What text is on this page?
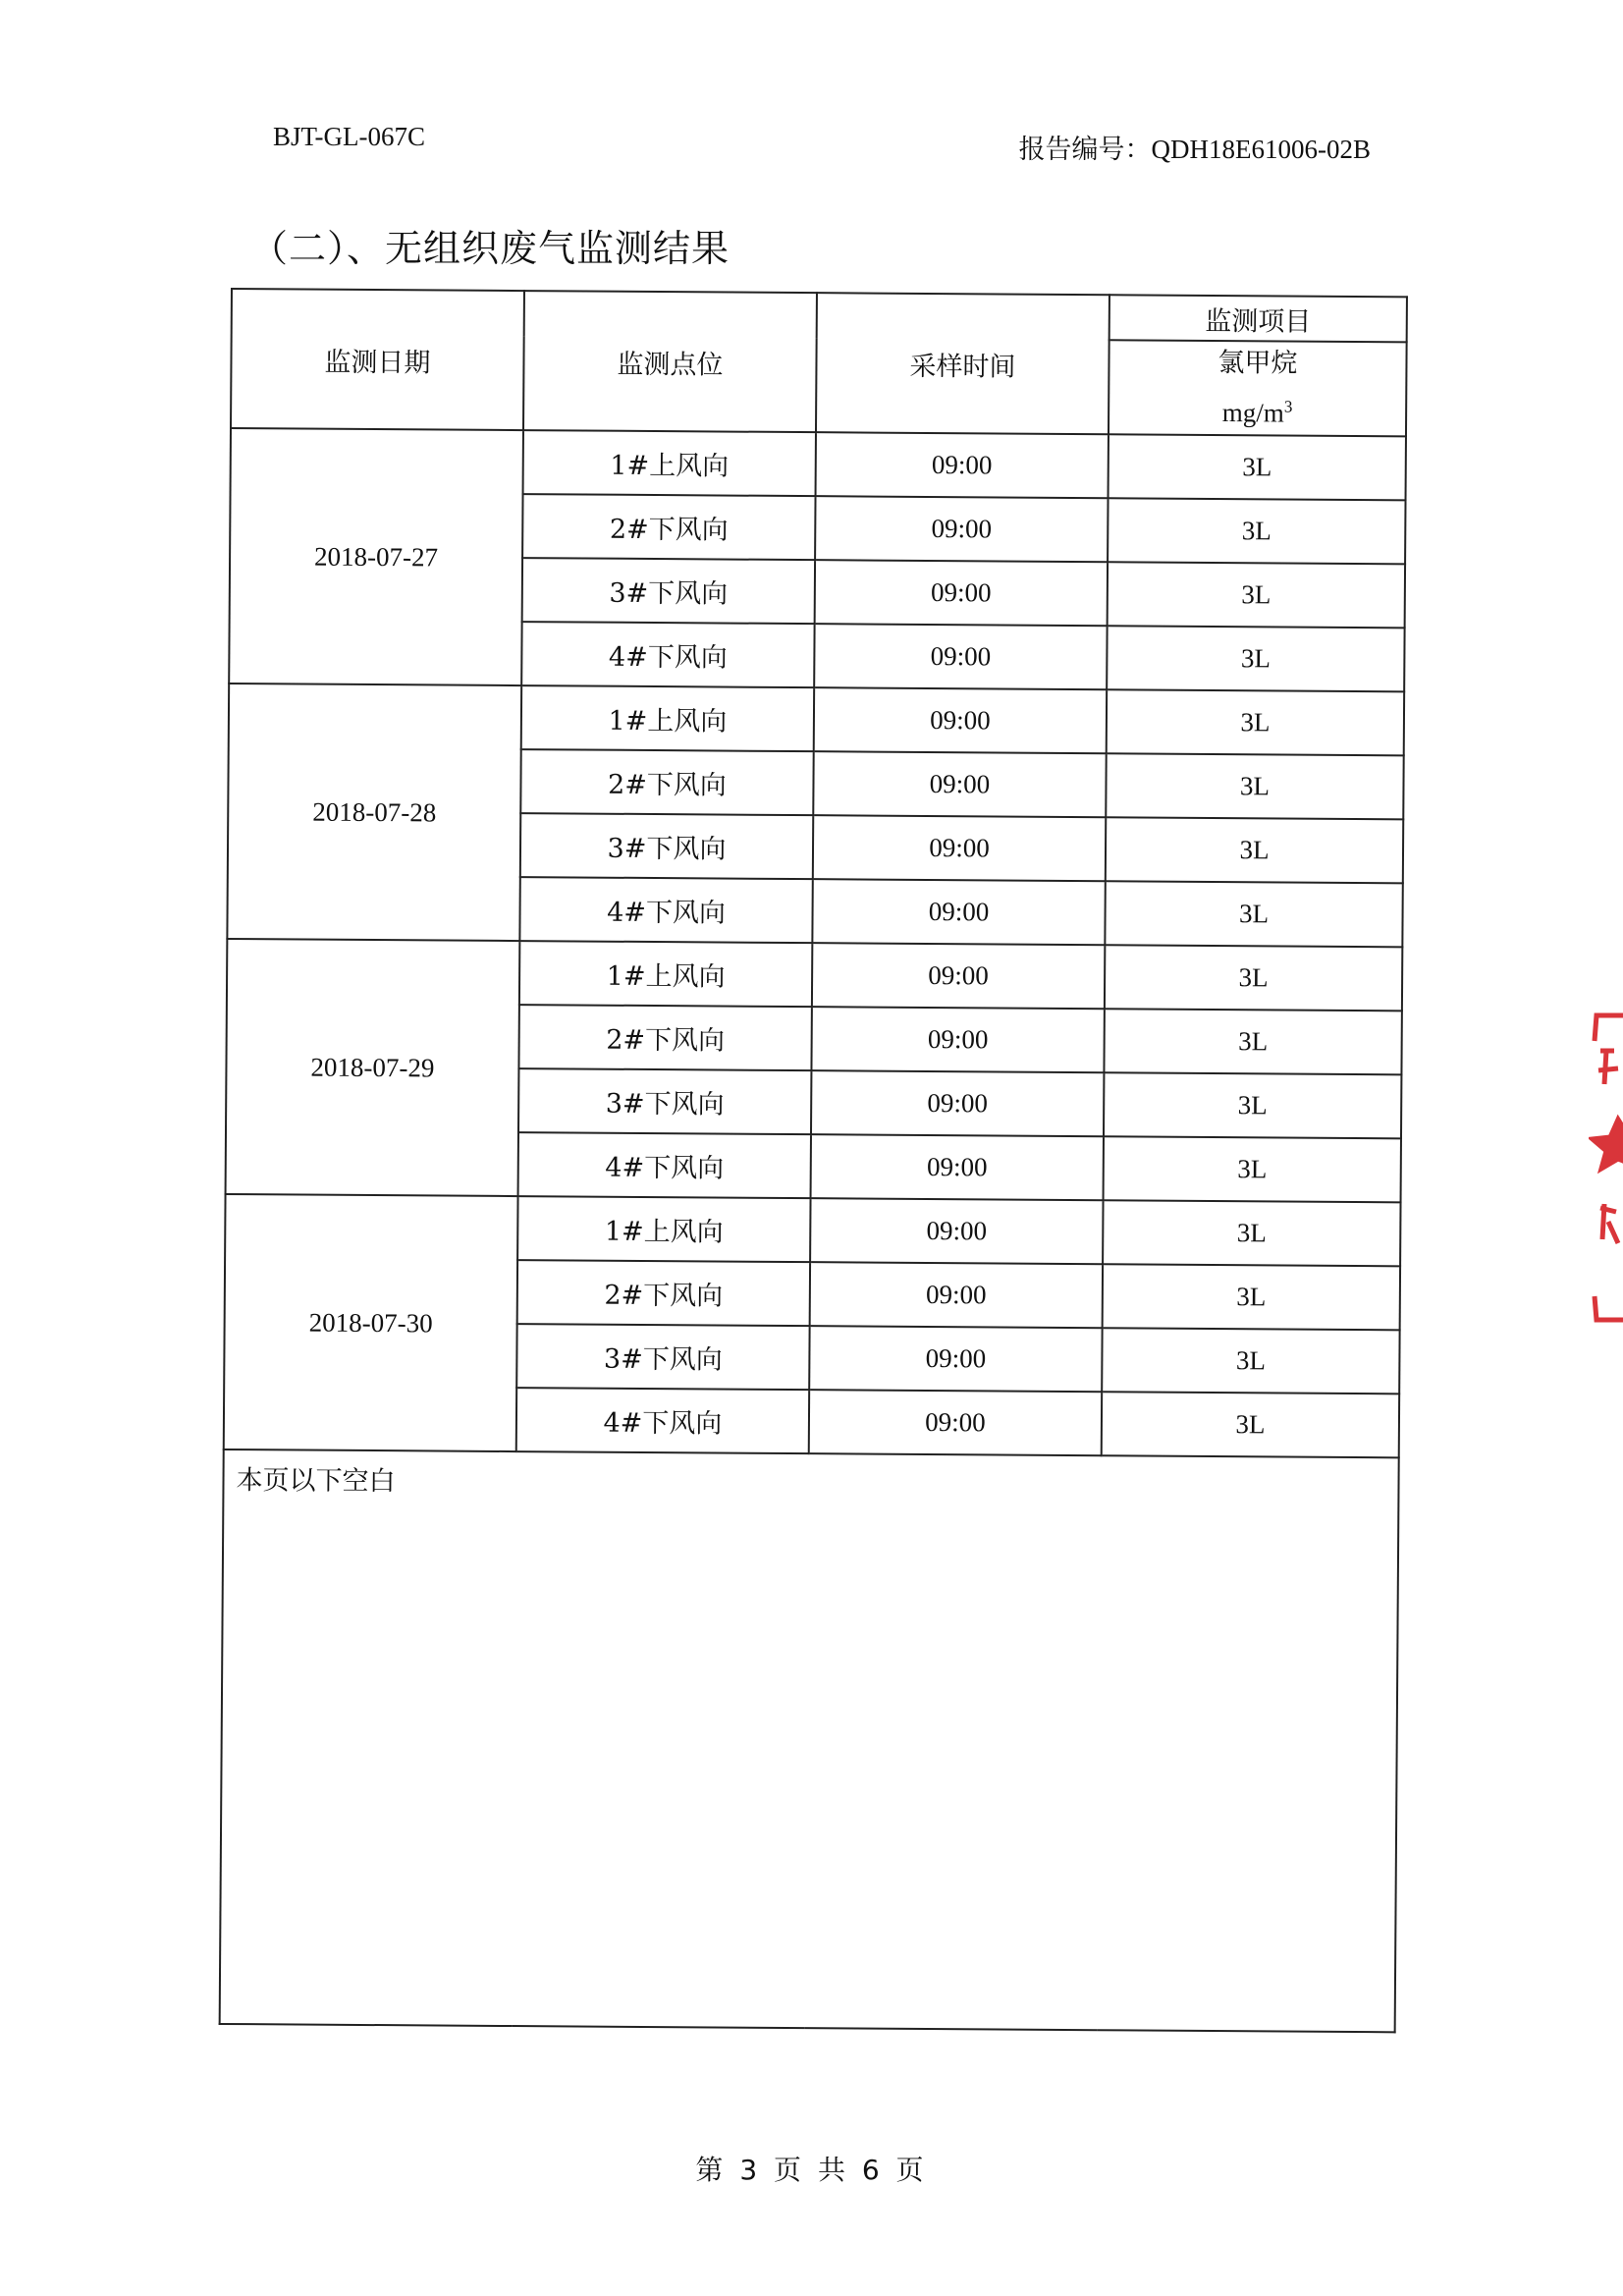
BJT-GL-067C	报告编号：QDH18E61006-02B
（二）、无组织废气监测结果
监测日期	监测点位	采样时间	监测项目

			氯甲烷
$mg/m^3$

2018-07-27	1#上风向	09:00	3L
	2#下风向	09:00	3L
	3#下风向	09:00	3L
	4#下风向	09:00	3L
2018-07-28	1#上风向	09:00	3L
	2#下风向	09:00	3L
	3#下风向	09:00	3L
	4#下风向	09:00	3L
2018-07-29	1#上风向	09:00	3L
	2#下风向	09:00	3L
	3#下风向	09:00	3L
	4#下风向	09:00	3L
2018-07-30	1#上风向	09:00	3L
	2#下风向	09:00	3L
	3#下风向	09:00	3L
	4#下风向	09:00	3L
本页以下空白			
第 3 页 共 6 页
